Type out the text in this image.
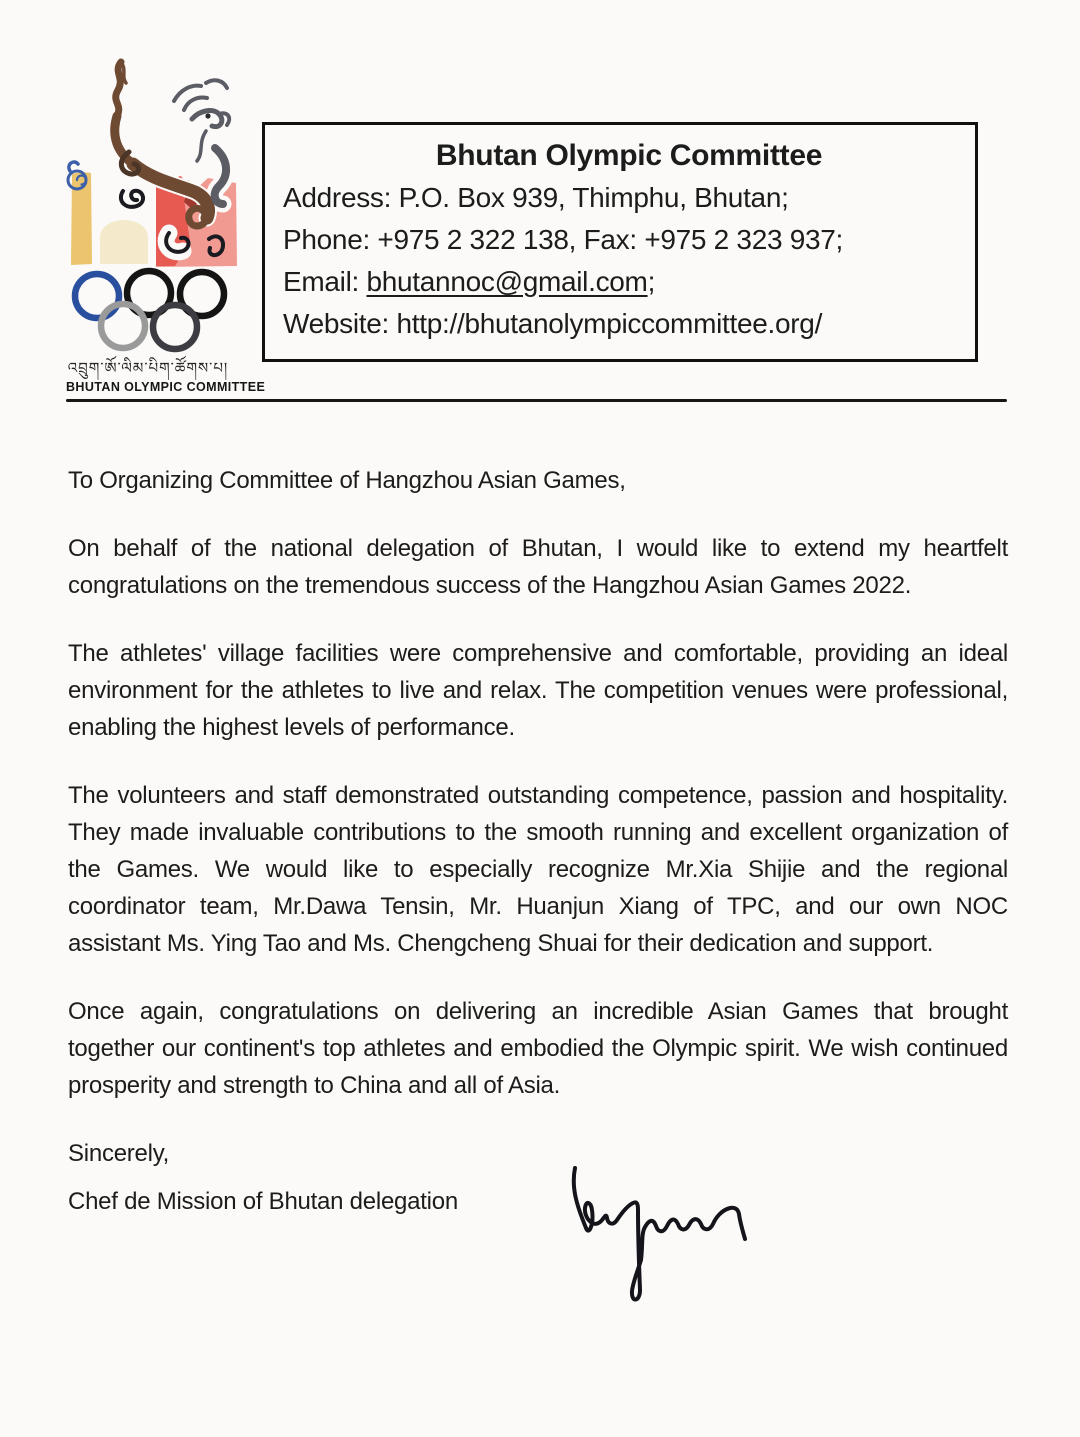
འབྲུག་ཨོ་ལིམ་པིག་ཚོགས་པ།
BHUTAN OLYMPIC COMMITTEE
Bhutan Olympic Committee
Address: P.O. Box 939, Thimphu, Bhutan;
Phone: +975 2 322 138, Fax: +975 2 323 937;
Email: bhutannoc@gmail.com;
Website: http://bhutanolympiccommittee.org/

To Organizing Committee of Hangzhou Asian Games,

On behalf of the national delegation of Bhutan, I would like to extend my heartfelt congratulations on the tremendous success of the Hangzhou Asian Games 2022.

The athletes' village facilities were comprehensive and comfortable, providing an ideal environment for the athletes to live and relax. The competition venues were professional, enabling the highest levels of performance.

The volunteers and staff demonstrated outstanding competence, passion and hospitality. They made invaluable contributions to the smooth running and excellent organization of the Games. We would like to especially recognize Mr.Xia Shijie and the regional coordinator team, Mr.Dawa Tensin, Mr. Huanjun Xiang of TPC, and our own NOC assistant Ms. Ying Tao and Ms. Chengcheng Shuai for their dedication and support.

Once again, congratulations on delivering an incredible Asian Games that brought together our continent's top athletes and embodied the Olympic spirit. We wish continued prosperity and strength to China and all of Asia.

Sincerely,
Chef de Mission of Bhutan delegation
